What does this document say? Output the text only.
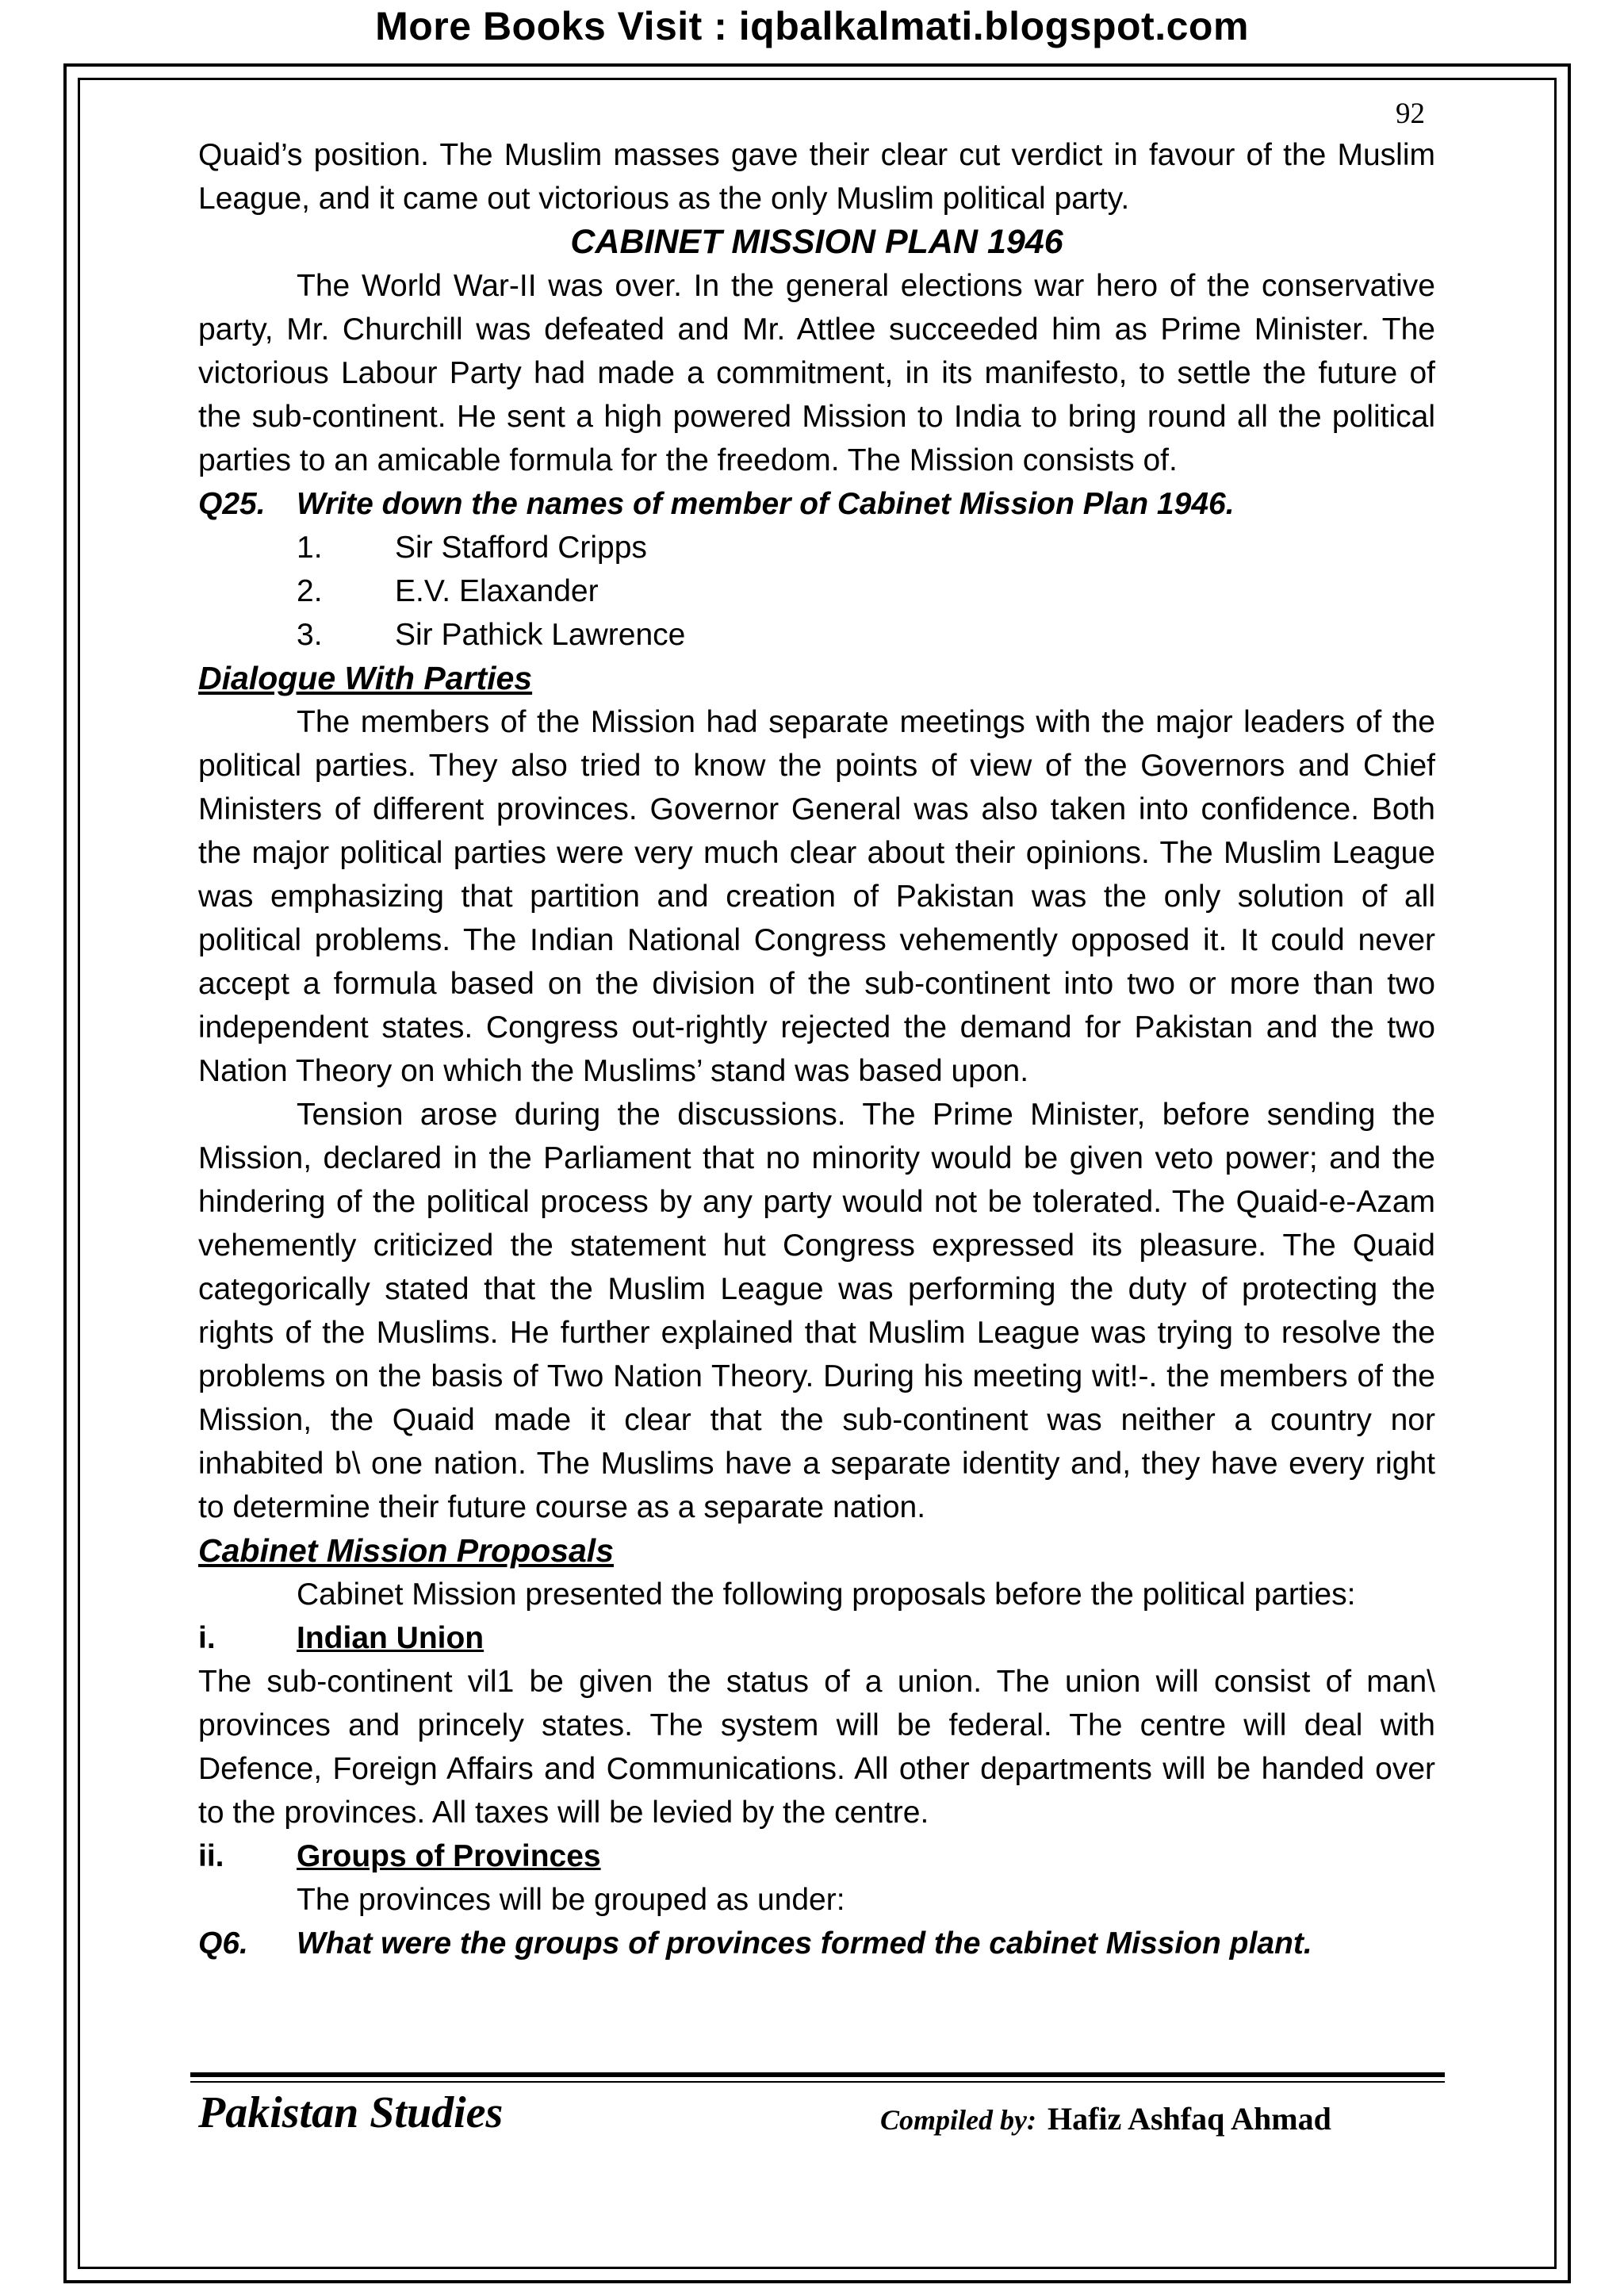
More Books Visit : iqbalkalmati.blogspot.com
92

Quaid’s position. The Muslim masses gave their clear cut verdict in favour of the Muslim League, and it came out victorious as the only Muslim political party.

CABINET MISSION PLAN 1946

The World War-II was over. In the general elections war hero of the conservative party, Mr. Churchill was defeated and Mr. Attlee succeeded him as Prime Minister. The victorious Labour Party had made a commitment, in its manifesto, to settle the future of the sub-continent. He sent a high powered Mission to India to bring round all the political parties to an amicable formula for the freedom. The Mission consists of.

Q25. Write down the names of member of Cabinet Mission Plan 1946.

1. Sir Stafford Cripps
2. E.V. Elaxander
3. Sir Pathick Lawrence

Dialogue With Parties

The members of the Mission had separate meetings with the major leaders of the political parties. They also tried to know the points of view of the Governors and Chief Ministers of different provinces. Governor General was also taken into confidence. Both the major political parties were very much clear about their opinions. The Muslim League was emphasizing that partition and creation of Pakistan was the only solution of all political problems. The Indian National Congress vehemently opposed it. It could never accept a formula based on the division of the sub-continent into two or more than two independent states. Congress out-rightly rejected the demand for Pakistan and the two Nation Theory on which the Muslims’ stand was based upon.

Tension arose during the discussions. The Prime Minister, before sending the Mission, declared in the Parliament that no minority would be given veto power; and the hindering of the political process by any party would not be tolerated. The Quaid-e-Azam vehemently criticized the statement hut Congress expressed its pleasure. The Quaid categorically stated that the Muslim League was performing the duty of protecting the rights of the Muslims. He further explained that Muslim League was trying to resolve the problems on the basis of Two Nation Theory. During his meeting wit!-. the members of the Mission, the Quaid made it clear that the sub-continent was neither a country nor inhabited b\ one nation. The Muslims have a separate identity and, they have every right to determine their future course as a separate nation.

Cabinet Mission Proposals

Cabinet Mission presented the following proposals before the political parties:

i.	Indian Union

The sub-continent vil1 be given the status of a union. The union will consist of man\ provinces and princely states. The system will be federal. The centre will deal with Defence, Foreign Affairs and Communications. All other departments will be handed over to the provinces. All taxes will be levied by the centre.

ii. Groups of Provinces

The provinces will be grouped as under:

Q6. What were the groups of provinces formed the cabinet Mission plant.

Pakistan Studies	Compiled by: Hafiz Ashfaq Ahmad
